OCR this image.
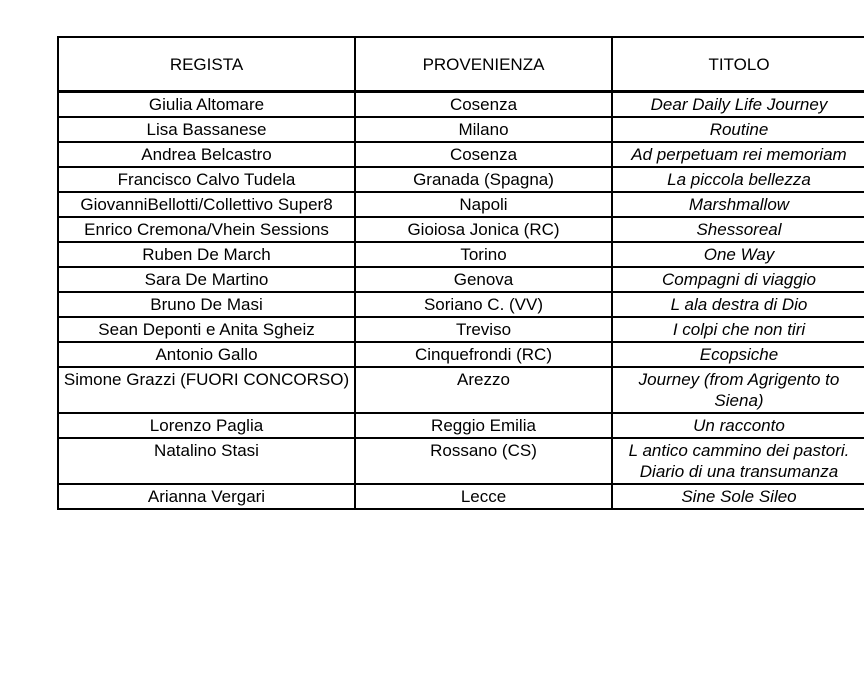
REGISTA	PROVENIENZA	TITOLO
Giulia Altomare	Cosenza	Dear Daily Life Journey
Lisa Bassanese	Milano	Routine
Andrea Belcastro	Cosenza	Ad perpetuam rei memoriam
Francisco Calvo Tudela	Granada (Spagna)	La piccola bellezza
GiovanniBellotti/Collettivo Super8	Napoli	Marshmallow
Enrico Cremona/Vhein Sessions	Gioiosa Jonica (RC)	Shessoreal
Ruben De March	Torino	One Way
Sara De Martino	Genova	Compagni di viaggio
Bruno De Masi	Soriano C. (VV)	L ala destra di Dio
Sean Deponti e Anita Sgheiz	Treviso	I colpi che non tiri
Antonio Gallo	Cinquefrondi (RC)	Ecopsiche
Simone Grazzi (FUORI CONCORSO)	Arezzo	Journey (from Agrigento to Siena)
Lorenzo Paglia	Reggio Emilia	Un racconto
Natalino Stasi	Rossano (CS)	L antico cammino dei pastori. Diario di una transumanza
Arianna Vergari	Lecce	Sine Sole Sileo
